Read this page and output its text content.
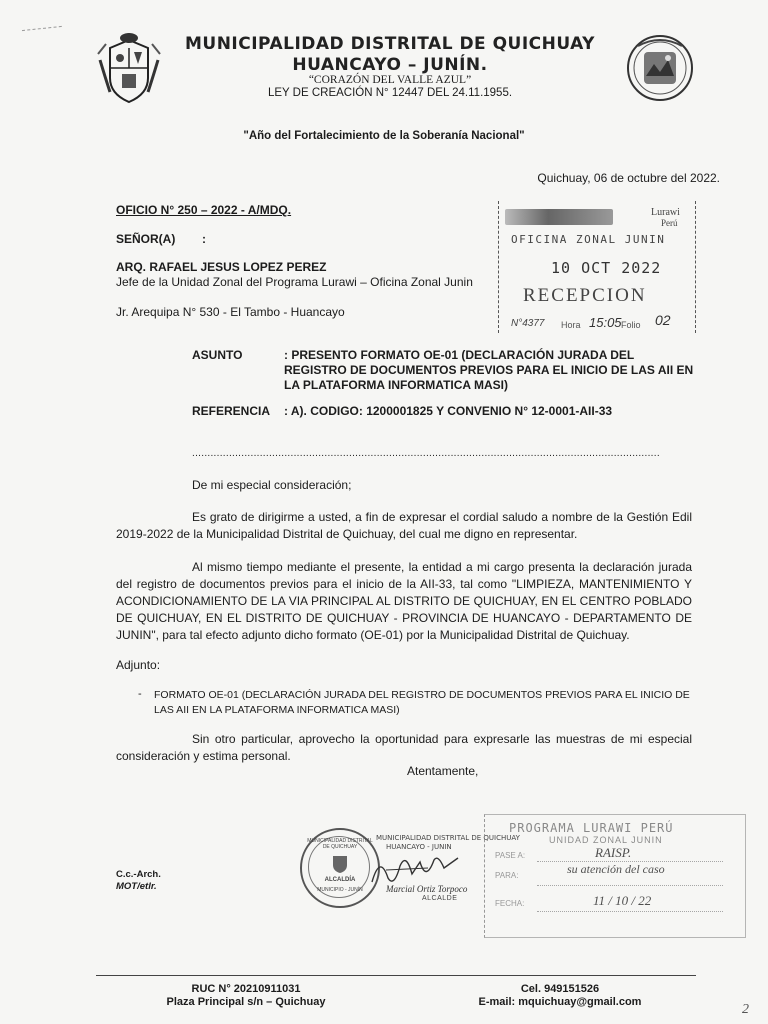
MUNICIPALIDAD DISTRITAL DE QUICHUAY
HUANCAYO – JUNÍN.
“CORAZÓN DEL VALLE AZUL”
LEY DE CREACIÓN N° 12447 DEL 24.11.1955.
"Año del Fortalecimiento de la Soberanía Nacional"
Quichuay, 06 de octubre del 2022.
OFICIO N° 250 – 2022 - A/MDQ.
SEÑOR(A) :
ARQ. RAFAEL JESUS LOPEZ PEREZ
Jefe de la Unidad Zonal del Programa Lurawi – Oficina Zonal Junin
Jr. Arequipa N° 530 - El Tambo - Huancayo
Lurawi
Perú
OFICINA ZONAL JUNIN
10 OCT 2022
RECEPCION
N°4377 Hora 15:05 Folio 02
ASUNTO	: PRESENTO FORMATO OE-01 (DECLARACIÓN JURADA DEL REGISTRO DE DOCUMENTOS PREVIOS PARA EL INICIO DE LAS AII EN LA PLATAFORMA INFORMATICA MASI)
REFERENCIA : A). CODIGO: 1200001825 Y CONVENIO N° 12-0001-AII-33
........................................................................................................................................................
De mi especial consideración;
Es grato de dirigirme a usted, a fin de expresar el cordial saludo a nombre de la Gestión Edil 2019-2022 de la Municipalidad Distrital de Quichuay, del cual me digno en representar.
Al mismo tiempo mediante el presente, la entidad a mi cargo presenta la declaración jurada del registro de documentos previos para el inicio de la AII-33, tal como "LIMPIEZA, MANTENIMIENTO Y ACONDICIONAMIENTO DE LA VIA PRINCIPAL AL DISTRITO DE QUICHUAY, EN EL CENTRO POBLADO DE QUICHUAY, EN EL DISTRITO DE QUICHUAY - PROVINCIA DE HUANCAYO - DEPARTAMENTO DE JUNIN", para tal efecto adjunto dicho formato (OE-01) por la Municipalidad Distrital de Quichuay.
Adjunto:
- FORMATO OE-01 (DECLARACIÓN JURADA DEL REGISTRO DE DOCUMENTOS PREVIOS PARA EL INICIO DE LAS AII EN LA PLATAFORMA INFORMATICA MASI)
Sin otro particular, aprovecho la oportunidad para expresarle las muestras de mi especial consideración y estima personal.
Atentamente,
C.c.-Arch.
MOT/etlr.
MUNICIPALIDAD DISTRITAL DE QUICHUAY
ALCALDÍA
MUNICIPIO - JUNÍN
MUNICIPALIDAD DISTRITAL DE QUICHUAY
HUANCAYO - JUNIN
Marcial Ortiz Torpoco
ALCALDE
PROGRAMA LURAWI PERÚ
UNIDAD ZONAL JUNIN
PASE A:	RAISP.
PARA:	su atención del caso
FECHA:	11 / 10 / 22
RUC N° 20210911031
Plaza Principal s/n – Quichuay
Cel. 949151526
E-mail: mquichuay@gmail.com	2
